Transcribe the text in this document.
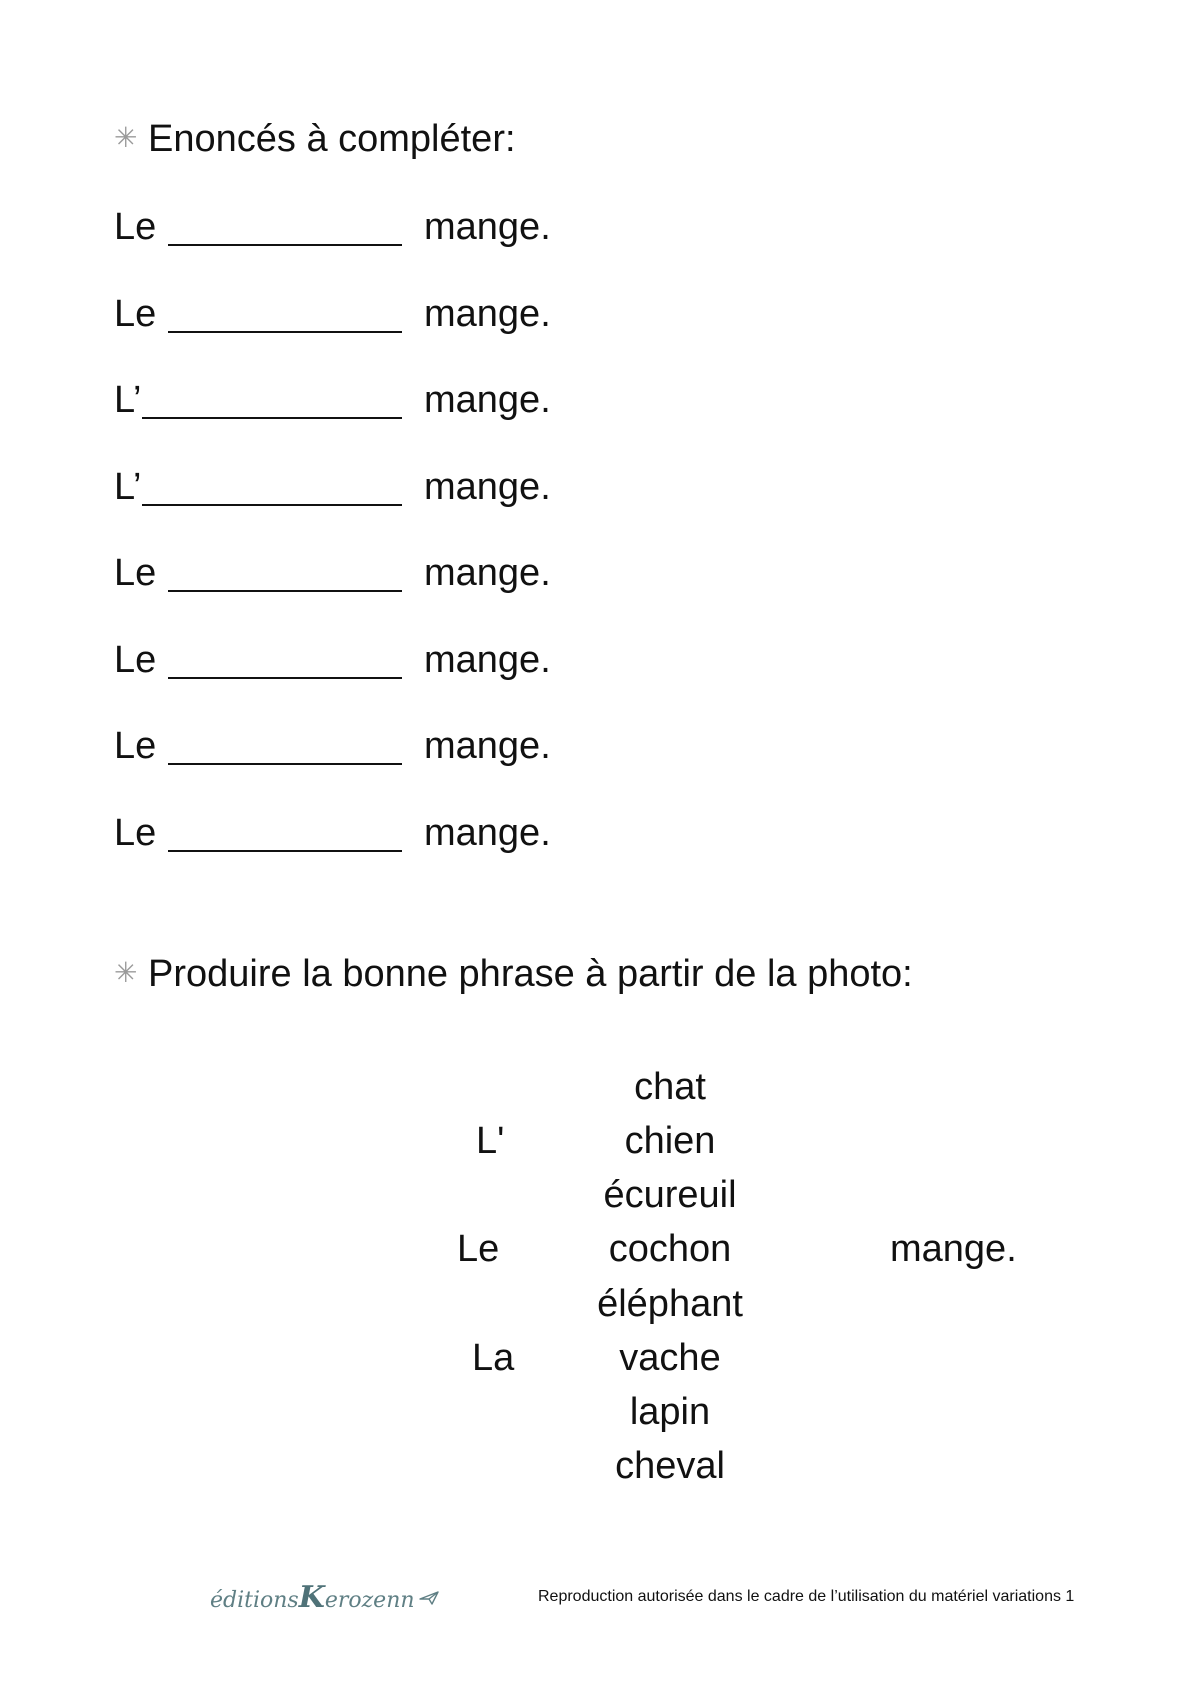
✳ Enoncés à compléter:
Le	mange.
Le	mange.
L’	mange.
L’	mange.
Le	mange.
Le	mange.
Le	mange.
Le	mange.
✳ Produire la bonne phrase à partir de la photo:
L'
Le
La
chat
chien
écureuil
cochon
éléphant
vache
lapin
cheval
mange.
éditionsKerozenn	Reproduction autorisée dans le cadre de l’utilisation du matériel variations 1
